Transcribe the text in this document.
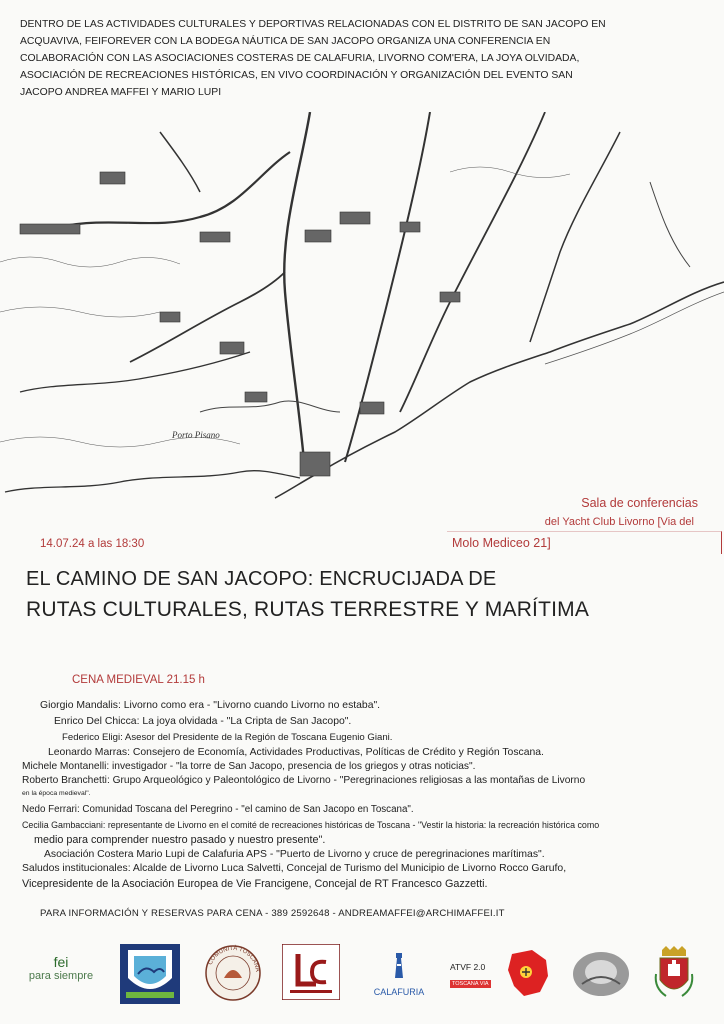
DENTRO DE LAS ACTIVIDADES CULTURALES Y DEPORTIVAS RELACIONADAS CON EL DISTRITO DE SAN JACOPO EN
ACQUAVIVA, FEIFOREVER CON LA BODEGA NÁUTICA DE SAN JACOPO ORGANIZA UNA CONFERENCIA EN
COLABORACIÓN CON LAS ASOCIACIONES COSTERAS DE CALAFURIA, LIVORNO COM'ERA, LA JOYA OLVIDADA,
ASOCIACIÓN DE RECREACIONES HISTÓRICAS, EN VIVO COORDINACIÓN Y ORGANIZACIÓN DEL EVENTO SAN
JACOPO ANDREA MAFFEI Y MARIO LUPI
Porto Pisano
Sala de conferencias
del Yacht Club Livorno [Via del
Molo Mediceo 21]
14.07.24 a las 18:30
EL CAMINO DE SAN JACOPO: ENCRUCIJADA DE
RUTAS CULTURALES, RUTAS TERRESTRE Y MARÍTIMA
CENA MEDIEVAL 21.15 h
Giorgio Mandalis: Livorno como era - "Livorno cuando Livorno no estaba".
Enrico Del Chicca: La joya olvidada - "La Cripta de San Jacopo".
Federico Eligi: Asesor del Presidente de la Región de Toscana Eugenio Giani.
Leonardo Marras: Consejero de Economía, Actividades Productivas, Políticas de Crédito y Región Toscana.
Michele Montanelli: investigador - "la torre de San Jacopo, presencia de los griegos y otras noticias".
Roberto Branchetti: Grupo Arqueológico y Paleontológico de Livorno - "Peregrinaciones religiosas a las montañas de Livorno
en la época medieval".
Nedo Ferrari: Comunidad Toscana del Peregrino - "el camino de San Jacopo en Toscana".
Cecilia Gambacciani: representante de Livorno en el comité de recreaciones históricas de Toscana - "Vestir la historia: la recreación histórica como
medio para comprender nuestro pasado y nuestro presente".
Asociación Costera Mario Lupi de Calafuria APS - "Puerto de Livorno y cruce de peregrinaciones marítimas".
Saludos institucionales: Alcalde de Livorno Luca Salvetti, Concejal de Turismo del Municipio de Livorno Rocco Garufo,
Vicepresidente de la Asociación Europea de Vie Francigene, Concejal de RT Francesco Gazzetti.
PARA INFORMACIÓN Y RESERVAS PARA CENA - 389 2592648 - ANDREAMAFFEI@ARCHIMAFFEI.IT
fei
para siempre
COMUNITÀ TOSCANA
CALAFURIA
ATVF 2.0
TOSCANA VIA
